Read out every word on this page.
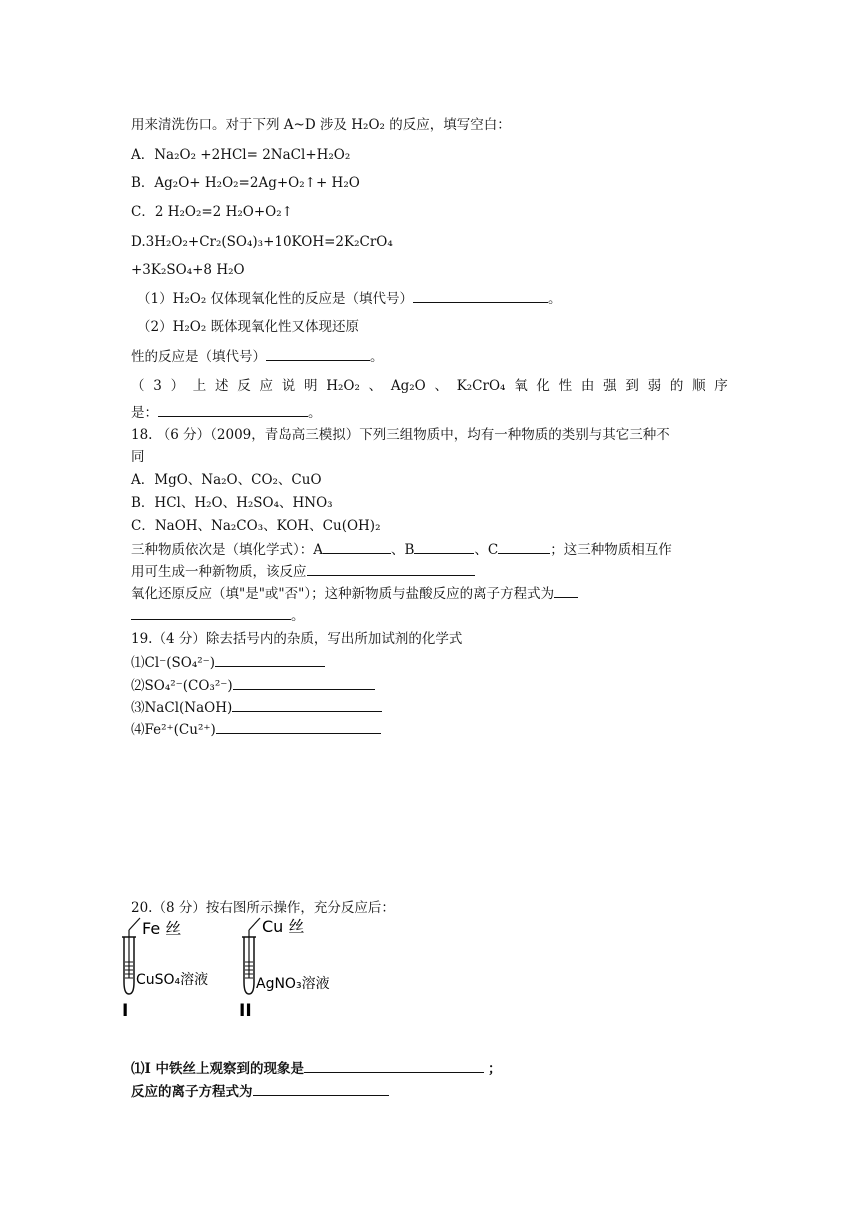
用来清洗伤口。对于下列 A~D 涉及 H₂O₂ 的反应，填写空白：
A．Na₂O₂ +2HCl= 2NaCl+H₂O₂
B．Ag₂O+ H₂O₂=2Ag+O₂↑+ H₂O
C．2 H₂O₂=2 H₂O+O₂↑
D.3H₂O₂+Cr₂(SO₄)₃+10KOH=2K₂CrO₄
+3K₂SO₄+8 H₂O
（1）H₂O₂ 仅体现氧化性的反应是（填代号）	。
（2）H₂O₂ 既体现氧化性又体现还原
性的反应是（填代号）	。
（ 3 ） 上 述 反 应 说 明 H₂O₂ 、 Ag₂O 、 K₂CrO₄ 氧 化 性 由 强 到 弱 的 顺 序
是：	。
18. （6 分）（2009，青岛高三模拟）下列三组物质中，均有一种物质的类别与其它三种不
同
A．MgO、Na₂O、CO₂、CuO
B．HCl、H₂O、H₂SO₄、HNO₃
C．NaOH、Na₂CO₃、KOH、Cu(OH)₂
三种物质依次是（填化学式）：A	、B	、C	；这三种物质相互作
用可生成一种新物质，该反应
氧化还原反应（填"是"或"否"）；这种新物质与盐酸反应的离子方程式为
。
19.（4 分）除去括号内的杂质，写出所加试剂的化学式
⑴Cl⁻(SO₄²⁻)
⑵SO₄²⁻(CO₃²⁻)
⑶NaCl(NaOH)
⑷Fe²⁺(Cu²⁺)
20.（8 分）按右图所示操作，充分反应后：
Fe 丝
CuSO₄溶液
I
Cu 丝
AgNO₃溶液
II
⑴I 中铁丝上观察到的现象是	；
反应的离子方程式为
